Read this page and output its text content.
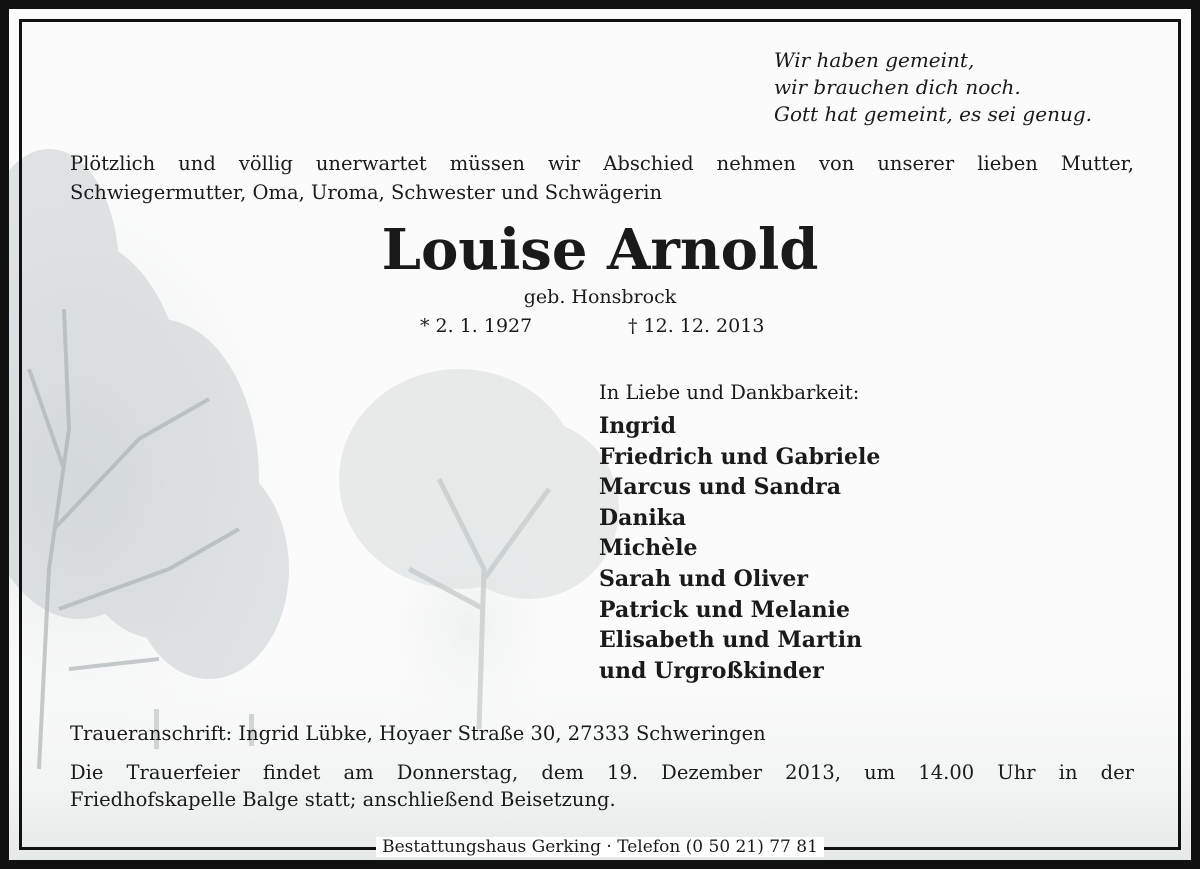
Wir haben gemeint,
wir brauchen dich noch.
Gott hat gemeint, es sei genug.
Plötzlich und völlig unerwartet müssen wir Abschied nehmen von unserer lieben Mutter,
Schwiegermutter, Oma, Uroma, Schwester und Schwägerin
Louise Arnold
geb. Honsbrock
* 2. 1. 1927	† 12. 12. 2013
In Liebe und Dankbarkeit:
Ingrid
Friedrich und Gabriele
Marcus und Sandra
Danika
Michèle
Sarah und Oliver
Patrick und Melanie
Elisabeth und Martin
und Urgroßkinder
Traueranschrift: Ingrid Lübke, Hoyaer Straße 30, 27333 Schweringen
Die Trauerfeier findet am Donnerstag, dem 19. Dezember 2013, um 14.00 Uhr in der
Friedhofskapelle Balge statt; anschließend Beisetzung.
Bestattungshaus Gerking · Telefon (0 50 21) 77 81
